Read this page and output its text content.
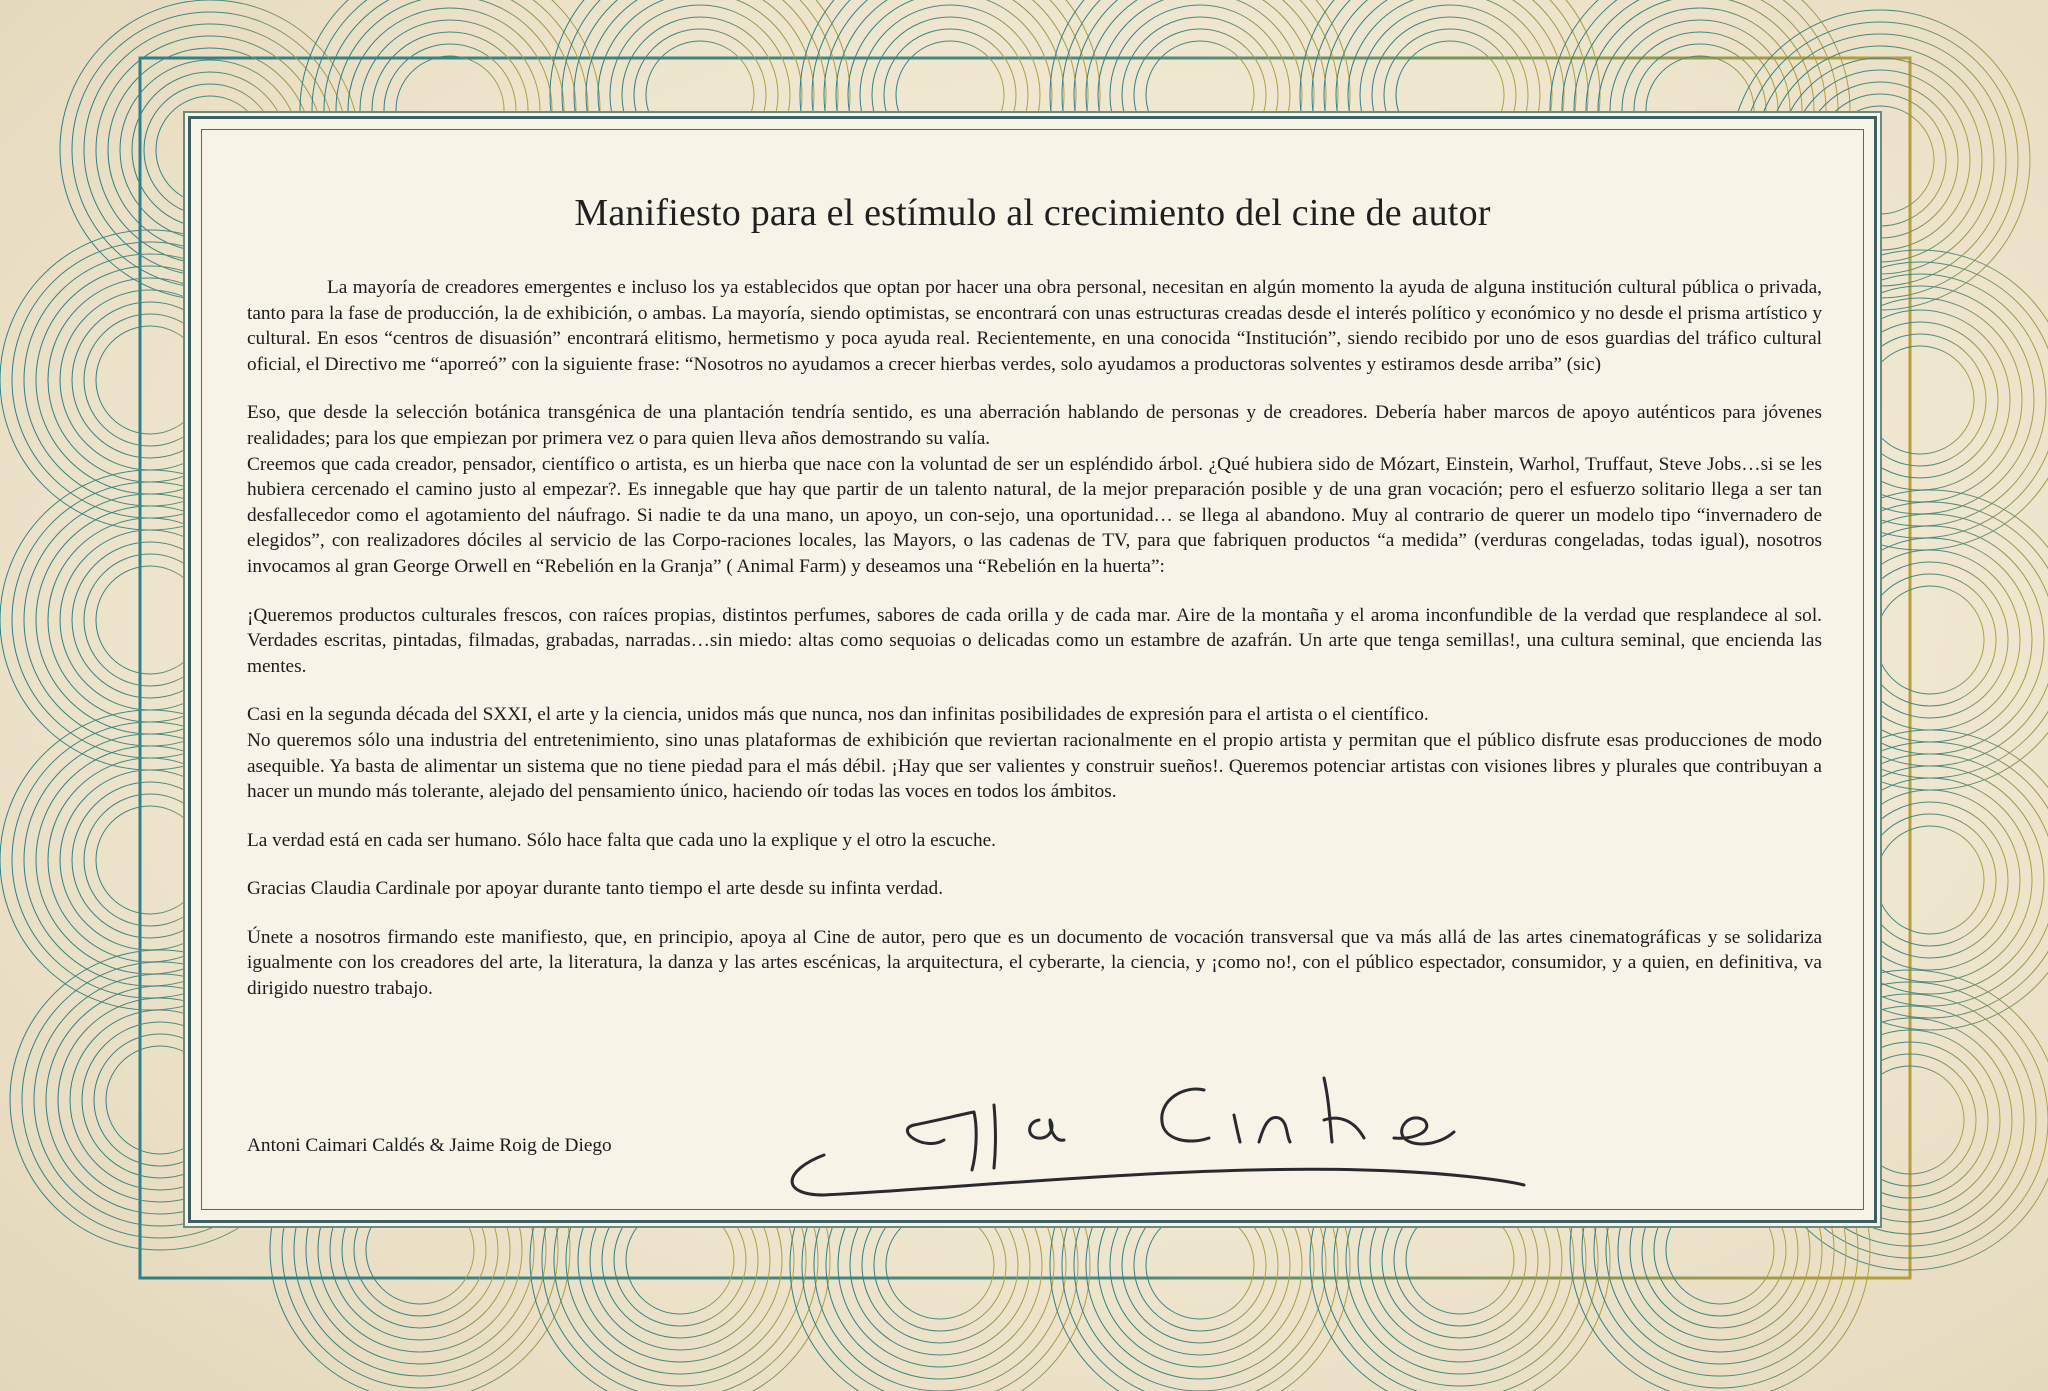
Manifiesto para el estímulo al crecimiento del cine de autor

La mayoría de creadores emergentes e incluso los ya establecidos que optan por hacer una obra personal, necesitan en algún momento la ayuda de alguna institución cultural pública o privada, tanto para la fase de producción, la de exhibición, o ambas. La mayoría, siendo optimistas, se encontrará con unas estructuras creadas desde el interés político y económico y no desde el prisma artístico y cultural. En esos “centros de disuasión” encontrará elitismo, hermetismo y poca ayuda real. Recientemente, en una conocida “Institución”, siendo recibido por uno de esos guardias del tráfico cultural oficial, el Directivo me “aporreó” con la siguiente frase: “Nosotros no ayudamos a crecer hierbas verdes, solo ayudamos a productoras solventes y estiramos desde arriba” (sic)

Eso, que desde la selección botánica transgénica de una plantación tendría sentido, es una aberración hablando de personas y de creadores. Debería haber marcos de apoyo auténticos para jóvenes realidades; para los que empiezan por primera vez o para quien lleva años demostrando su valía.

Creemos que cada creador, pensador, científico o artista, es un hierba que nace con la voluntad de ser un espléndido árbol. ¿Qué hubiera sido de Mózart, Einstein, Warhol, Truffaut, Steve Jobs…si se les hubiera cercenado el camino justo al empezar?. Es innegable que hay que partir de un talento natural, de la mejor preparación posible y de una gran vocación; pero el esfuerzo solitario llega a ser tan desfallecedor como el agotamiento del náufrago. Si nadie te da una mano, un apoyo, un con-sejo, una oportunidad… se llega al abandono. Muy al contrario de querer un modelo tipo “invernadero de elegidos”, con realizadores dóciles al servicio de las Corpo-raciones locales, las Mayors, o las cadenas de TV, para que fabriquen productos “a medida” (verduras congeladas, todas igual), nosotros invocamos al gran George Orwell en “Rebelión en la Granja” ( Animal Farm) y deseamos una “Rebelión en la huerta”:

¡Queremos productos culturales frescos, con raíces propias, distintos perfumes, sabores de cada orilla y de cada mar. Aire de la montaña y el aroma inconfundible de la verdad que resplandece al sol. Verdades escritas, pintadas, filmadas, grabadas, narradas…sin miedo: altas como sequoias o delicadas como un estambre de azafrán. Un arte que tenga semillas!, una cultura seminal, que encienda las mentes.

Casi en la segunda década del SXXI, el arte y la ciencia, unidos más que nunca, nos dan infinitas posibilidades de expresión para el artista o el científico.

No queremos sólo una industria del entretenimiento, sino unas plataformas de exhibición que reviertan racionalmente en el propio artista y permitan que el público disfrute esas producciones de modo asequible. Ya basta de alimentar un sistema que no tiene piedad para el más débil. ¡Hay que ser valientes y construir sueños!. Queremos potenciar artistas con visiones libres y plurales que contribuyan a hacer un mundo más tolerante, alejado del pensamiento único, haciendo oír todas las voces en todos los ámbitos.

La verdad está en cada ser humano. Sólo hace falta que cada uno la explique y el otro la escuche.

Gracias Claudia Cardinale por apoyar durante tanto tiempo el arte desde su infinta verdad.

Únete a nosotros firmando este manifiesto, que, en principio, apoya al Cine de autor, pero que es un documento de vocación transversal que va más allá de las artes cinematográficas y se solidariza igualmente con los creadores del arte, la literatura, la danza y las artes escénicas, la arquitectura, el cyberarte, la ciencia, y ¡como no!, con el público espectador, consumidor, y a quien, en definitiva, va dirigido nuestro trabajo.

Antoni Caimari Caldés & Jaime Roig de Diego
